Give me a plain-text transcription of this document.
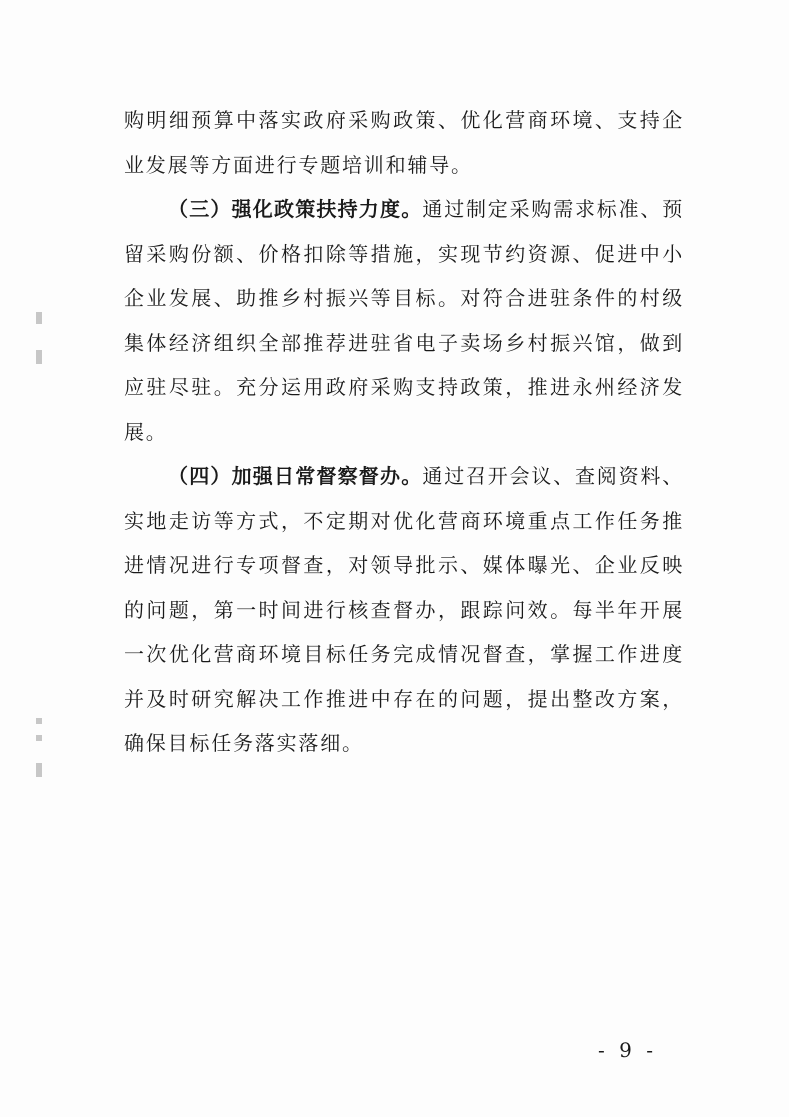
购明细预算中落实政府采购政策、优化营商环境、支持企业发展等方面进行专题培训和辅导。

（三）强化政策扶持力度。通过制定采购需求标准、预留采购份额、价格扣除等措施，实现节约资源、促进中小企业发展、助推乡村振兴等目标。对符合进驻条件的村级集体经济组织全部推荐进驻省电子卖场乡村振兴馆，做到应驻尽驻。充分运用政府采购支持政策，推进永州经济发展。

（四）加强日常督察督办。通过召开会议、查阅资料、实地走访等方式，不定期对优化营商环境重点工作任务推进情况进行专项督查，对领导批示、媒体曝光、企业反映的问题，第一时间进行核查督办，跟踪问效。每半年开展一次优化营商环境目标任务完成情况督查，掌握工作进度并及时研究解决工作推进中存在的问题，提出整改方案，确保目标任务落实落细。

- 9 -
